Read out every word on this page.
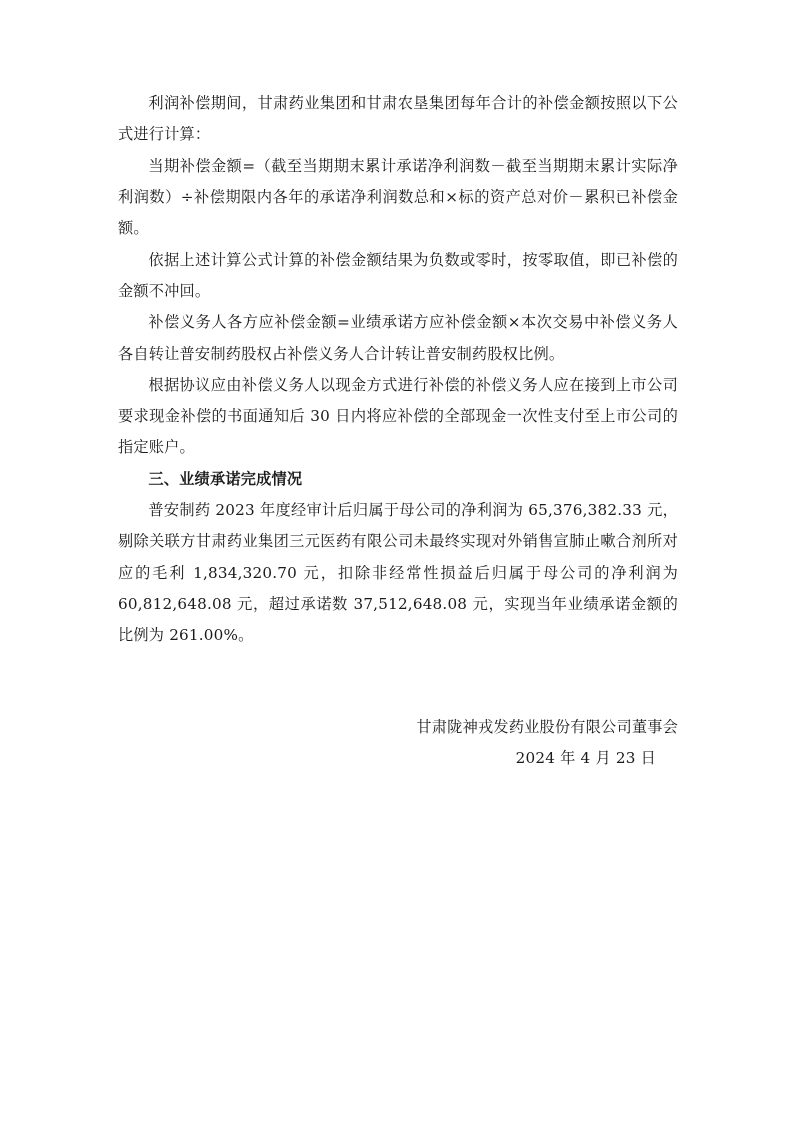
利润补偿期间，甘肃药业集团和甘肃农垦集团每年合计的补偿金额按照以下公式进行计算：

当期补偿金额=（截至当期期末累计承诺净利润数－截至当期期末累计实际净利润数）÷补偿期限内各年的承诺净利润数总和×标的资产总对价－累积已补偿金额。

依据上述计算公式计算的补偿金额结果为负数或零时，按零取值，即已补偿的金额不冲回。

补偿义务人各方应补偿金额=业绩承诺方应补偿金额×本次交易中补偿义务人各自转让普安制药股权占补偿义务人合计转让普安制药股权比例。

根据协议应由补偿义务人以现金方式进行补偿的补偿义务人应在接到上市公司要求现金补偿的书面通知后 30 日内将应补偿的全部现金一次性支付至上市公司的指定账户。

三、业绩承诺完成情况

普安制药 2023 年度经审计后归属于母公司的净利润为 65,376,382.33 元，剔除关联方甘肃药业集团三元医药有限公司未最终实现对外销售宣肺止嗽合剂所对应的毛利 1,834,320.70 元，扣除非经常性损益后归属于母公司的净利润为 60,812,648.08 元，超过承诺数 37,512,648.08 元，实现当年业绩承诺金额的比例为 261.00%。

甘肃陇神戎发药业股份有限公司董事会
2024 年 4 月 23 日
